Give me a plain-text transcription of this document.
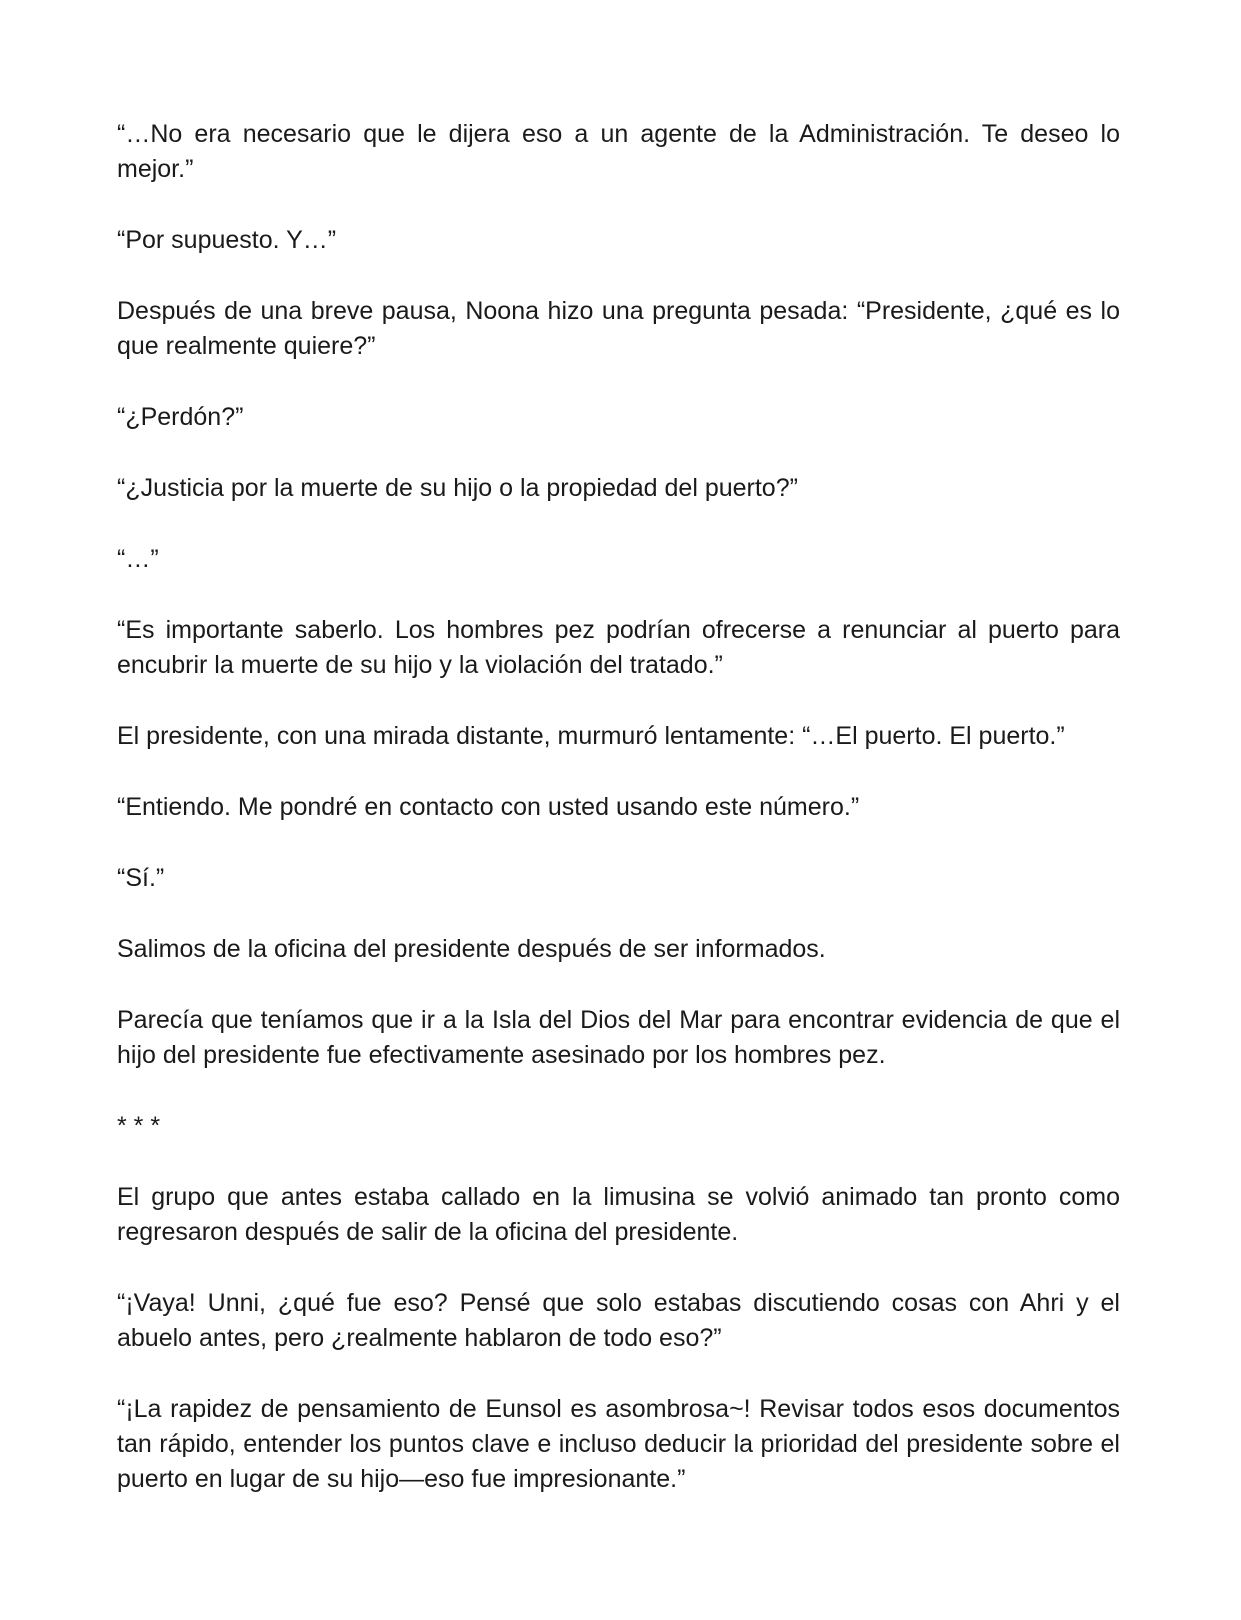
“…No era necesario que le dijera eso a un agente de la Administración. Te deseo lo mejor.”

“Por supuesto. Y…”

Después de una breve pausa, Noona hizo una pregunta pesada: “Presidente, ¿qué es lo que realmente quiere?”

“¿Perdón?”

“¿Justicia por la muerte de su hijo o la propiedad del puerto?”

“…”

“Es importante saberlo. Los hombres pez podrían ofrecerse a renunciar al puerto para encubrir la muerte de su hijo y la violación del tratado.”

El presidente, con una mirada distante, murmuró lentamente: “…El puerto. El puerto.”

“Entiendo. Me pondré en contacto con usted usando este número.”

“Sí.”

Salimos de la oficina del presidente después de ser informados.

Parecía que teníamos que ir a la Isla del Dios del Mar para encontrar evidencia de que el hijo del presidente fue efectivamente asesinado por los hombres pez.

* * *

El grupo que antes estaba callado en la limusina se volvió animado tan pronto como regresaron después de salir de la oficina del presidente.

“¡Vaya! Unni, ¿qué fue eso? Pensé que solo estabas discutiendo cosas con Ahri y el abuelo antes, pero ¿realmente hablaron de todo eso?”

“¡La rapidez de pensamiento de Eunsol es asombrosa~! Revisar todos esos documentos tan rápido, entender los puntos clave e incluso deducir la prioridad del presidente sobre el puerto en lugar de su hijo—eso fue impresionante.”
